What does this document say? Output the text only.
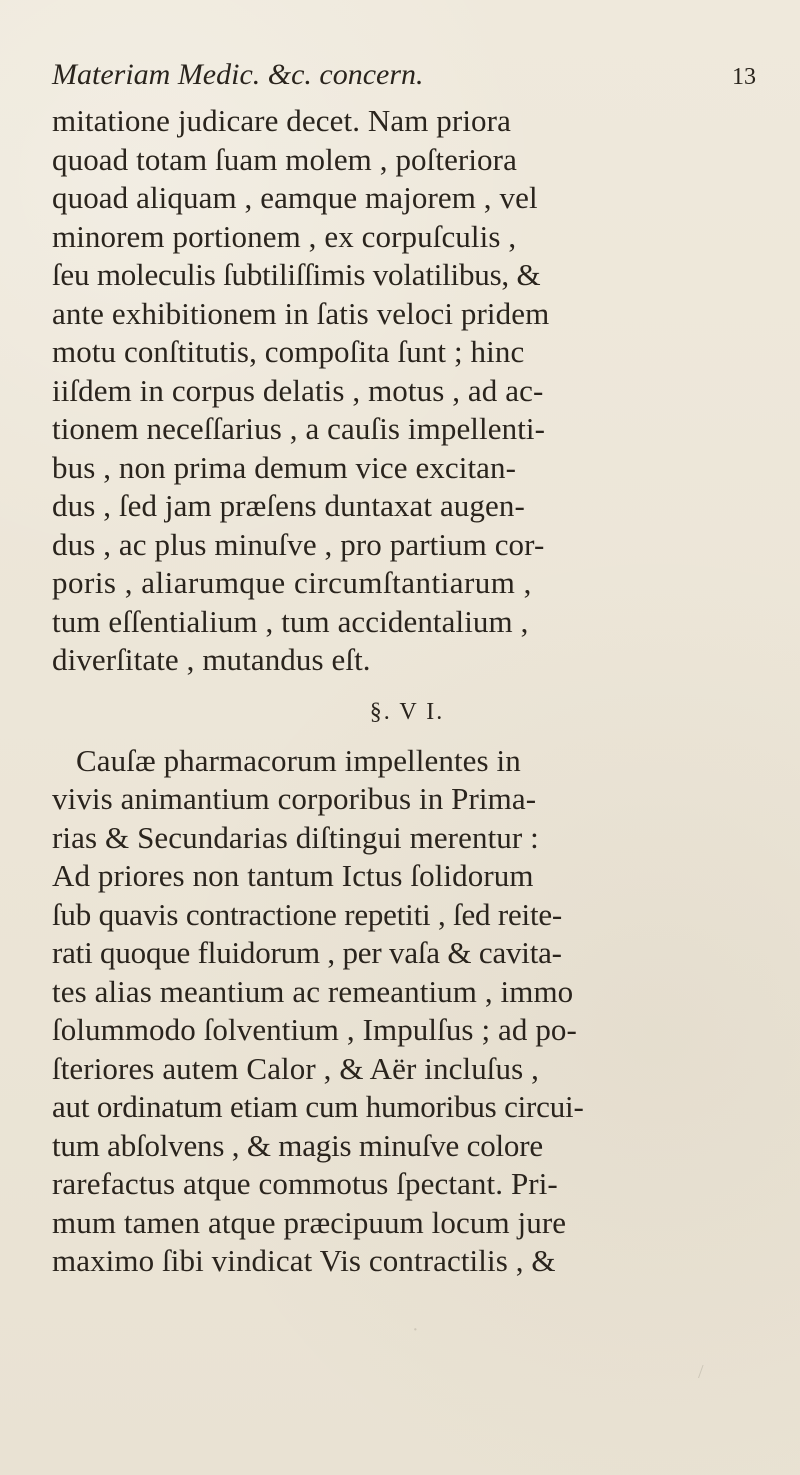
Materiam Medic. &c. concern.	13
mitatione judicare decet. Nam priora
quoad totam ſuam molem , poſteriora
quoad aliquam , eamque majorem , vel
minorem portionem , ex corpuſculis ,
ſeu moleculis ſubtiliſſimis volatilibus, &
ante exhibitionem in ſatis veloci pridem
motu conſtitutis, compoſita ſunt ; hinc
iiſdem in corpus delatis , motus , ad ac-
tionem neceſſarius , a cauſis impellenti-
bus , non prima demum vice excitan-
dus , ſed jam præſens duntaxat augen-
dus , ac plus minuſve , pro partium cor-
poris , aliarumque circumſtantiarum ,
tum eſſentialium , tum accidentalium ,
diverſitate , mutandus eſt.
§. V I.
Cauſæ pharmacorum impellentes in
vivis animantium corporibus in Prima-
rias & Secundarias diſtingui merentur :
Ad priores non tantum Ictus ſolidorum
ſub quavis contractione repetiti , ſed reite-
rati quoque fluidorum , per vaſa & cavita-
tes alias meantium ac remeantium , immo
ſolummodo ſolventium , Impulſus ; ad po-
ſteriores autem Calor , & Aër incluſus ,
aut ordinatum etiam cum humoribus circui-
tum abſolvens , & magis minuſve colore
rarefactus atque commotus ſpectant. Pri-
mum tamen atque præcipuum locum jure
maximo ſibi vindicat Vis contractilis , &
/
·
